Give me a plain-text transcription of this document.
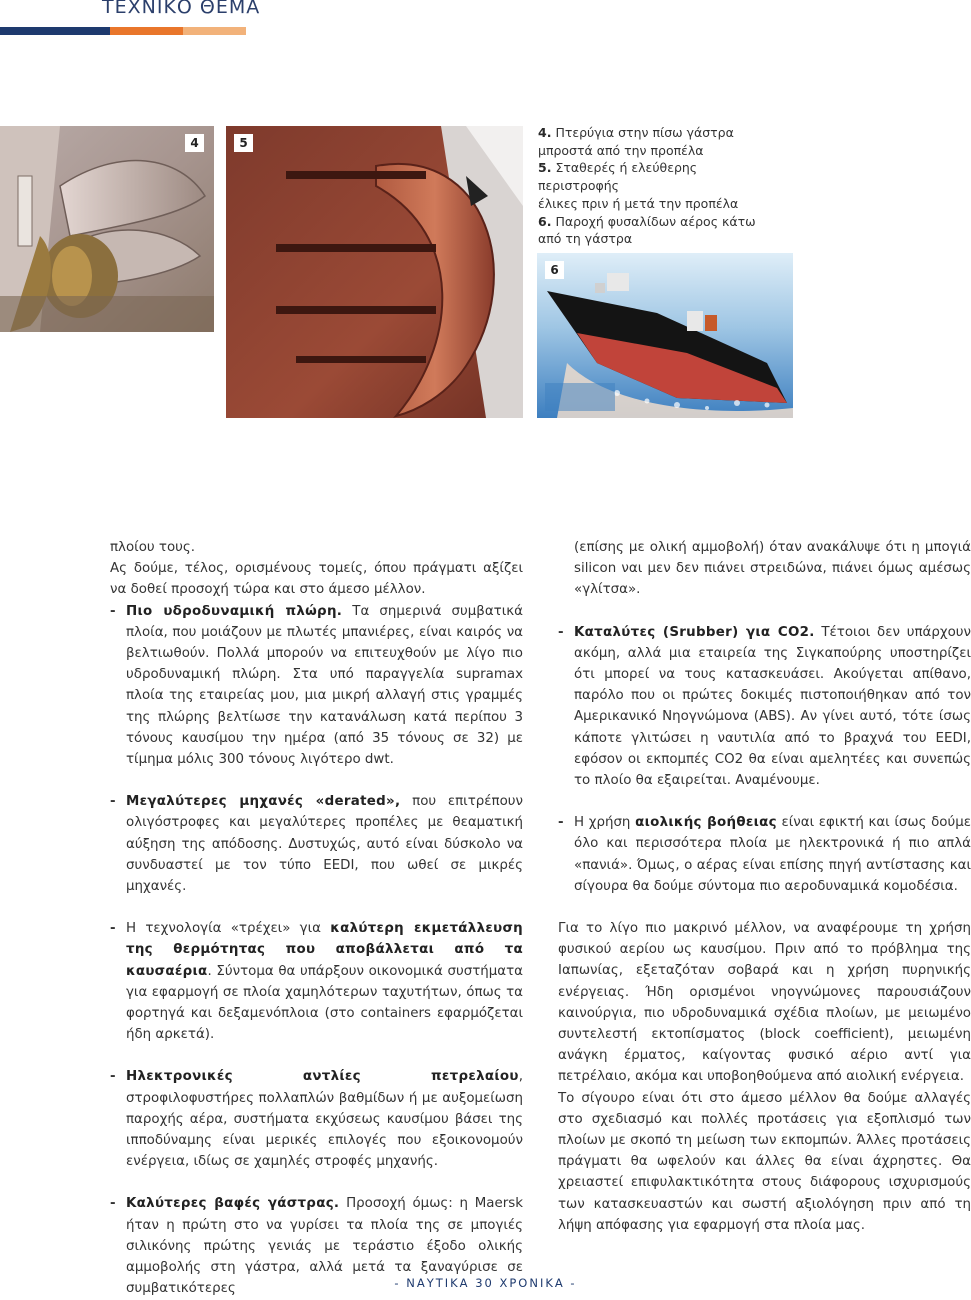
ΤΕΧΝΙΚΟ ΘΕΜΑ
4	5
4. Πτερύγια στην πίσω γάστρα
μπροστά από την προπέλα
5. Σταθερές ή ελεύθερης περιστροφής
έλικες πριν ή μετά την προπέλα
6. Παροχή φυσαλίδων αέρος κάτω
από τη γάστρα
6

πλοίου τους.

Ας δούμε, τέλος, ορισμένους τομείς, όπου πράγματι αξίζει να δοθεί προσοχή τώρα και στο άμεσο μέλλον.

- Πιο υδροδυναμική πλώρη. Τα σημερινά συμβατικά πλοία, που μοιάζουν με πλωτές μπανιέρες, είναι καιρός να βελτιωθούν. Πολλά μπορούν να επιτευχθούν με λίγο πιο υδροδυναμική πλώρη. Στα υπό παραγγελία supramax πλοία της εταιρείας μου, μια μικρή αλλαγή στις γραμμές της πλώρης βελτίωσε την κατανάλωση κατά περίπου 3 τόνους καυσίμου την ημέρα (από 35 τόνους σε 32) με τίμημα μόλις 300 τόνους λιγότερο dwt.
- Μεγαλύτερες μηχανές «derated», που επιτρέπουν ολιγόστροφες και μεγαλύτερες προπέλες με θεαματική αύξηση της απόδοσης. Δυστυχώς, αυτό είναι δύσκολο να συνδυαστεί με τον τύπο EEDI, που ωθεί σε μικρές μηχανές.
- Η τεχνολογία «τρέχει» για καλύτερη εκμετάλλευση της θερμότητας που αποβάλλεται από τα καυσαέρια. Σύντομα θα υπάρξουν οικονομικά συστήματα για εφαρμογή σε πλοία χαμηλότερων ταχυτήτων, όπως τα φορτηγά και δεξαμενόπλοια (στο containers εφαρμόζεται ήδη αρκετά).
- Ηλεκτρονικές αντλίες πετρελαίου, στροφιλοφυστήρες πολλαπλών βαθμίδων ή με αυξομείωση παροχής αέρα, συστήματα εκχύσεως καυσίμου βάσει της ιπποδύναμης είναι μερικές επιλογές που εξοικονομούν ενέργεια, ιδίως σε χαμηλές στροφές μηχανής.
- Καλύτερες βαφές γάστρας. Προσοχή όμως: η Maersk ήταν η πρώτη στο να γυρίσει τα πλοία της σε μπογιές σιλικόνης πρώτης γενιάς με τεράστιο έξοδο ολικής αμμοβολής στη γάστρα, αλλά μετά τα ξαναγύρισε σε συμβατικότερες
(επίσης με ολική αμμοβολή) όταν ανακάλυψε ότι η μπογιά silicon ναι μεν δεν πιάνει στρειδώνα, πιάνει όμως αμέσως «γλίτσα».
- Καταλύτες (Srubber) για CO2. Τέτοιοι δεν υπάρχουν ακόμη, αλλά μια εταιρεία της Σιγκαπούρης υποστηρίζει ότι μπορεί να τους κατασκευάσει. Ακούγεται απίθανο, παρόλο που οι πρώτες δοκιμές πιστοποιήθηκαν από τον Αμερικανικό Νηογνώμονα (ABS). Αν γίνει αυτό, τότε ίσως κάποτε γλιτώσει η ναυτιλία από το βραχνά του EEDI, εφόσον οι εκπομπές CO2 θα είναι αμελητέες και συνεπώς το πλοίο θα εξαιρείται. Αναμένουμε.
- Η χρήση αιολικής βοήθειας είναι εφικτή και ίσως δούμε όλο και περισσότερα πλοία με ηλεκτρονικά ή πιο απλά «πανιά». Όμως, ο αέρας είναι επίσης πηγή αντίστασης και σίγουρα θα δούμε σύντομα πιο αεροδυναμικά κομοδέσια.

Για το λίγο πιο μακρινό μέλλον, να αναφέρουμε τη χρήση φυσικού αερίου ως καυσίμου. Πριν από το πρόβλημα της Ιαπωνίας, εξεταζόταν σοβαρά και η χρήση πυρηνικής ενέργειας. Ήδη ορισμένοι νηογνώμονες παρουσιάζουν καινούργια, πιο υδροδυναμικά σχέδια πλοίων, με μειωμένο συντελεστή εκτοπίσματος (block coefficient), μειωμένη ανάγκη έρματος, καίγοντας φυσικό αέριο αντί για πετρέλαιο, ακόμα και υποβοηθούμενα από αιολική ενέργεια.

Το σίγουρο είναι ότι στο άμεσο μέλλον θα δούμε αλλαγές στο σχεδιασμό και πολλές προτάσεις για εξοπλισμό των πλοίων με σκοπό τη μείωση των εκπομπών. Άλλες προτάσεις πράγματι θα ωφελούν και άλλες θα είναι άχρηστες. Θα χρειαστεί επιφυλακτικότητα στους διάφορους ισχυρισμούς των κατασκευαστών και σωστή αξιολόγηση πριν από τη λήψη απόφασης για εφαρμογή στα πλοία μας.

- ΝΑΥΤΙΚΑ 30 ΧΡΟΝΙΚΑ -
